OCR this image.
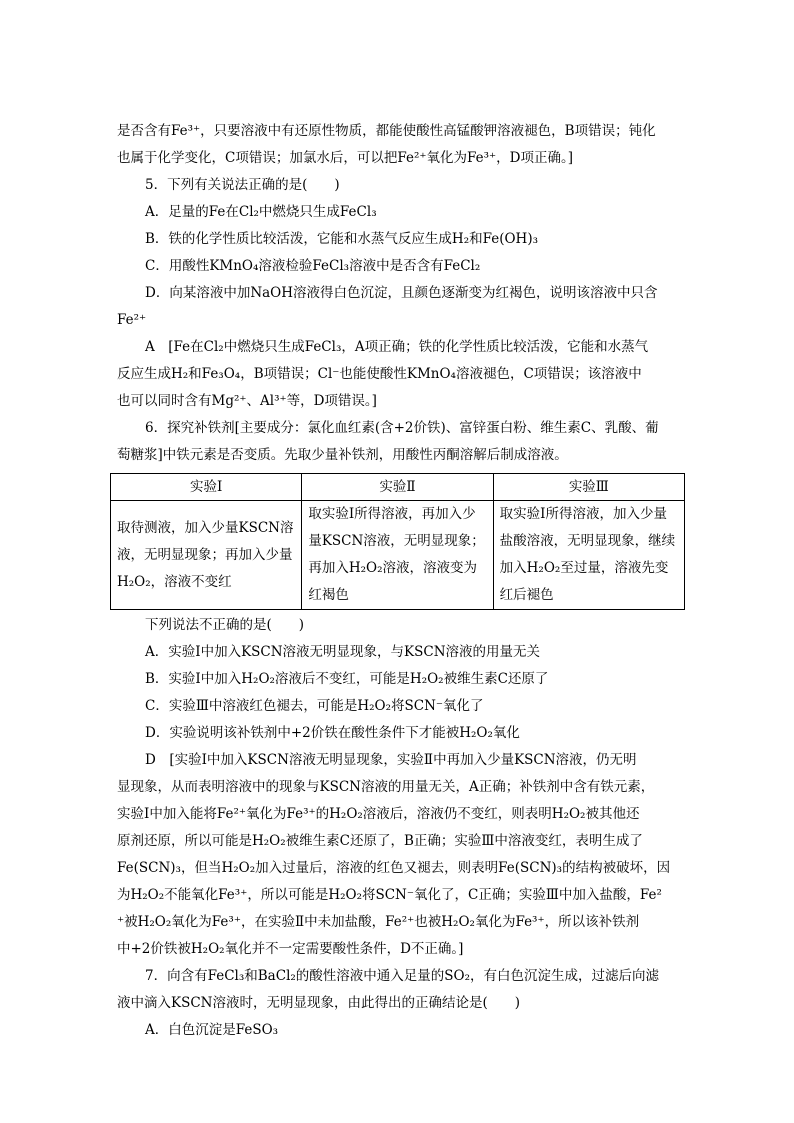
是否含有Fe³⁺，只要溶液中有还原性物质，都能使酸性高锰酸钾溶液褪色，B项错误；钝化

也属于化学变化，C项错误；加氯水后，可以把Fe²⁺氧化为Fe³⁺，D项正确。]

5．下列有关说法正确的是(　　)

A．足量的Fe在Cl₂中燃烧只生成FeCl₃

B．铁的化学性质比较活泼，它能和水蒸气反应生成H₂和Fe(OH)₃

C．用酸性KMnO₄溶液检验FeCl₃溶液中是否含有FeCl₂

D．向某溶液中加NaOH溶液得白色沉淀，且颜色逐渐变为红褐色，说明该溶液中只含

Fe²⁺

A　[Fe在Cl₂中燃烧只生成FeCl₃，A项正确；铁的化学性质比较活泼，它能和水蒸气

反应生成H₂和Fe₃O₄，B项错误；Cl⁻也能使酸性KMnO₄溶液褪色，C项错误；该溶液中

也可以同时含有Mg²⁺、Al³⁺等，D项错误。]

6．探究补铁剂[主要成分：氯化血红素(含+2价铁)、富锌蛋白粉、维生素C、乳酸、葡

萄糖浆]中铁元素是否变质。先取少量补铁剂，用酸性丙酮溶解后制成溶液。

实验Ⅰ	实验Ⅱ	实验Ⅲ
取待测液，加入少量KSCN溶液，无明显现象；再加入少量H₂O₂，溶液不变红	取实验Ⅰ所得溶液，再加入少量KSCN溶液，无明显现象；再加入H₂O₂溶液，溶液变为红褐色	取实验Ⅰ所得溶液，加入少量盐酸溶液，无明显现象，继续加入H₂O₂至过量，溶液先变红后褪色

下列说法不正确的是(　　)

A．实验Ⅰ中加入KSCN溶液无明显现象，与KSCN溶液的用量无关

B．实验Ⅰ中加入H₂O₂溶液后不变红，可能是H₂O₂被维生素C还原了

C．实验Ⅲ中溶液红色褪去，可能是H₂O₂将SCN⁻氧化了

D．实验说明该补铁剂中+2价铁在酸性条件下才能被H₂O₂氧化

D　[实验Ⅰ中加入KSCN溶液无明显现象，实验Ⅱ中再加入少量KSCN溶液，仍无明

显现象，从而表明溶液中的现象与KSCN溶液的用量无关，A正确；补铁剂中含有铁元素，

实验Ⅰ中加入能将Fe²⁺氧化为Fe³⁺的H₂O₂溶液后，溶液仍不变红，则表明H₂O₂被其他还

原剂还原，所以可能是H₂O₂被维生素C还原了，B正确；实验Ⅲ中溶液变红，表明生成了

Fe(SCN)₃，但当H₂O₂加入过量后，溶液的红色又褪去，则表明Fe(SCN)₃的结构被破坏，因

为H₂O₂不能氧化Fe³⁺，所以可能是H₂O₂将SCN⁻氧化了，C正确；实验Ⅲ中加入盐酸，Fe²

⁺被H₂O₂氧化为Fe³⁺，在实验Ⅱ中未加盐酸，Fe²⁺也被H₂O₂氧化为Fe³⁺，所以该补铁剂

中+2价铁被H₂O₂氧化并不一定需要酸性条件，D不正确。]

7．向含有FeCl₃和BaCl₂的酸性溶液中通入足量的SO₂，有白色沉淀生成，过滤后向滤

液中滴入KSCN溶液时，无明显现象，由此得出的正确结论是(　　)

A．白色沉淀是FeSO₃
